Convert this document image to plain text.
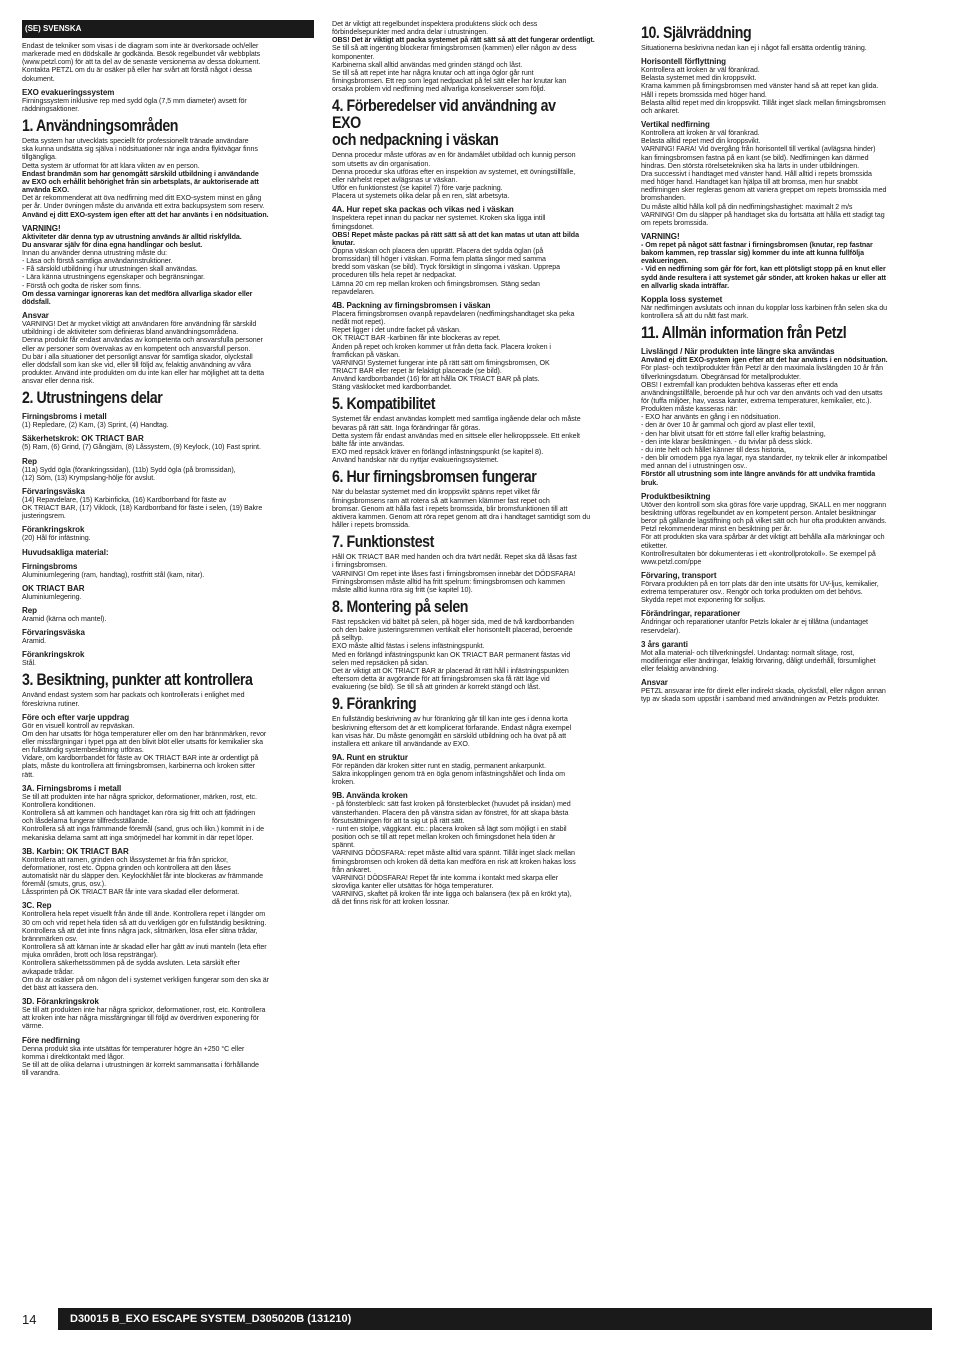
(SE) SVENSKA

Endast de tekniker som visas i de diagram som inte är överkorsade och/eller
markerade med en dödskalle är godkända. Besök regelbundet vår webbplats
(www.petzl.com) för att ta del av de senaste versionerna av dessa dokument.
Kontakta PETZL om du är osäker på eller har svårt att förstå något i dessa
dokument.

EXO evakueringssystem

Firningssystem inklusive rep med sydd ögla (7,5 mm diameter) avsett för
räddningsaktioner.

1. Användningsområden

Detta system har utvecklats speciellt för professionellt tränade användare
ska kunna undsätta sig själva i nödsituationer när inga andra flyktvägar finns
tillgängliga.
Detta system är utformat för att klara vikten av en person.

Endast brandmän som har genomgått särskild utbildning i användande
av EXO och erhållit behörighet från sin arbetsplats, är auktoriserade att
använda EXO.

Det är rekommenderat att öva nedfirning med ditt EXO-system minst en gång
per år. Under övningen måste du använda ett extra backupsystem som reserv.

Använd ej ditt EXO-system igen efter att det har använts i en nödsituation.

VARNING!

Aktiviteter där denna typ av utrustning används är alltid riskfyllda.
Du ansvarar själv för dina egna handlingar och beslut.

Innan du använder denna utrustning måste du:
- Läsa och förstå samtliga användarinstruktioner.
- Få särskild utbildning i hur utrustningen skall användas.
- Lära känna utrustningens egenskaper och begränsningar.
- Förstå och godta de risker som finns.

Om dessa varningar ignoreras kan det medföra allvarliga skador eller
dödsfall.

Ansvar

VARNING! Det är mycket viktigt att användaren före användning får särskild
utbildning i de aktiviteter som definieras bland användningsområdena.
Denna produkt får endast användas av kompetenta och ansvarsfulla personer
eller av personer som övervakas av en kompetent och ansvarsfull person.
Du bär i alla situationer det personligt ansvar för samtliga skador, olyckstall
eller dödsfall som kan ske vid, eller till följd av, felaktig användning av våra
produkter. Använd inte produkten om du inte kan eller har möjlighet att ta detta
ansvar eller denna risk.

2. Utrustningens delar

Firningsbroms i metall

(1) Repledare, (2) Kam, (3) Sprint, (4) Handtag.

Säkerhetskrok: OK TRIACT BAR

(5) Ram, (6) Grind, (7) Gångjärn, (8) Låssystem, (9) Keylock, (10) Fast sprint.

Rep

(11a) Sydd ögla (förankringssidan), (11b) Sydd ögla (på bromssidan),
(12) Söm, (13) Krympslang-hölje för avslut.

Förvaringsväska

(14) Repavdelare, (15) Karbinficka, (16) Kardborrband för fäste av
OK TRIACT BAR, (17) Viklock, (18) Kardborrband för fäste i selen, (19) Bakre
justeringsrem.

Förankringskrok

(20) Hål för infästning.

Huvudsakliga material:

Firningsbroms

Aluminiumlegering (ram, handtag), rostfritt stål (kam, nitar).

OK TRIACT BAR

Aluminiumlegering.

Rep

Aramid (kärna och mantel).

Förvaringsväska

Aramid.

Förankringskrok

Stål.

3. Besiktning, punkter att kontrollera

Använd endast system som har packats och kontrollerats i enlighet med
föreskrivna rutiner.

Före och efter varje uppdrag

Gör en visuell kontroll av repväskan.
Om den har utsatts för höga temperaturer eller om den har brännmärken, revor
eller missfärgningar i typet pga att den blivit blöt eller utsatts för kemikalier ska
en fullständig systembesiktning utföras.
Vidare, om kardborrbandet för fäste av OK TRIACT BAR inte är ordentligt på
plats, måste du kontrollera att firningsbromsen, karbinerna och kroken sitter
rätt.

3A. Firningsbroms i metall

Se till att produkten inte har några sprickor, deformationer, märken, rost, etc.
Kontrollera konditionen.
Kontrollera så att kammen och handtaget kan röra sig fritt och att fjädringen
och låsdelarna fungerar tillfredsställande.
Kontrollera så att inga främmande föremål (sand, grus och likn.) kommit in i de
mekaniska delarna samt att inga smörjmedel har kommit in där repet löper.

3B. Karbin: OK TRIACT BAR

Kontrollera att ramen, grinden och låssystemet är fria från sprickor,
deformationer, rost etc. Öppna grinden och kontrollera att den låses
automatiskt när du släpper den. Keylockhålet får inte blockeras av främmande
föremål (smuts, grus, osv.).
Låssprinten på OK TRIACT BAR får inte vara skadad eller deformerat.

3C. Rep

Kontrollera hela repet visuellt från ände till ände. Kontrollera repet i längder om
30 cm och vrid repet hela tiden så att du verkligen gör en fullständig besiktning.
Kontrollera så att det inte finns några jack, slitmärken, lösa eller slitna trådar,
brännmärken osv.
Kontrollera så att kärnan inte är skadad eller har gått av inuti manteln (leta efter
mjuka områden, brott och lösa repsträngar).
Kontrollera säkerhetssömmen på de sydda avsluten. Leta särskilt efter
avkapade trådar.
Om du är osäker på om någon del i systemet verkligen fungerar som den ska är
det bäst att kassera den.

3D. Förankringskrok

Se till att produkten inte har några sprickor, deformationer, rost, etc. Kontrollera
att kroken inte har några missfärgningar till följd av överdriven exponering för
värme.

Före nedfirning

Denna produkt ska inte utsättas för temperaturer högre än +250 °C eller
komma i direktkontakt med lågor.
Se till att de olika delarna i utrustningen är korrekt sammansatta i förhållande
till varandra.

Det är viktigt att regelbundet inspektera produktens skick och dess
förbindelsepunkter med andra delar i utrustningen.

OBS! Det är viktigt att packa systemet på rätt sätt så att det fungerar ordentligt.

Se till så att ingenting blockerar firningsbromsen (kammen) eller någon av dess
komponenter.
Karbinerna skall alltid användas med grinden stängd och låst.
Se till så att repet inte har några knutar och att inga öglor går runt
firningsbromsen. Ett rep som legat nedpackat på fel sätt eller har knutar kan
orsaka problem vid nedfirning med allvarliga konsekvenser som följd.

4. Förberedelser vid användning av EXO
och nedpackning i väskan

Denna procedur måste utföras av en för ändamålet utbildad och kunnig person
som utsetts av din organisation.
Denna procedur ska utföras efter en inspektion av systemet, ett övningstillfälle,
eller närhelst repet avlägsnas ur väskan.
Utför en funktionstest (se kapitel 7) före varje packning.
Placera ut systemets olika delar på en ren, slät arbetsyta.

4A. Hur repet ska packas och vikas ned i väskan

Inspektera repet innan du packar ner systemet. Kroken ska ligga intill
firningsdonet.

OBS! Repet måste packas på rätt sätt så att det kan matas ut utan att bilda
knutar.

Öppna väskan och placera den upprätt. Placera det sydda öglan (på
bromssidan) till höger i väskan. Forma fem platta slingor med samma
bredd som väskan (se bild). Tryck försiktigt in slingorna i väskan. Upprepa
proceduren tills hela repet är nedpackat.
Lämna 20 cm rep mellan kroken och firningsbromsen. Stäng sedan
repavdelaren.

4B. Packning av firningsbromsen i väskan

Placera firningsbromsen ovanpå repavdelaren (nedfirningshandtaget ska peka
nedåt mot repet).
Repet ligger i det undre facket på väskan.
OK TRIACT BAR -karbinen får inte blockeras av repet.
Änden på repet och kroken kommer ut från detta fack. Placera kroken i
framfickan på väskan.
VARNING! Systemet fungerar inte på rätt sätt om firningsbromsen, OK
TRIACT BAR eller repet är felaktigt placerade (se bild).
Använd kardborrbandet (16) för att hålla OK TRIACT BAR på plats.
Stäng väsklocket med kardborrbandet.

5. Kompatibilitet

Systemet får endast användas komplett med samtliga ingående delar och måste
bevaras på rätt sätt. Inga förändringar får göras.
Detta system får endast användas med en sittsele eller helkroppssele. Ett enkelt
bälte får inte användas.
EXO med repsäck kräver en förlängd infästningspunkt (se kapitel 8).
Använd handskar när du nyttjar evakueringssystemet.

6. Hur firningsbromsen fungerar

När du belastar systemet med din kroppsvikt spänns repet vilket får
firningsbromsens ram att rotera så att kammen klämmer fast repet och
bromsar. Genom att hålla fast i repets bromssida, blir bromsfunktionen till att
aktivera kammen. Genom att röra repet genom att dra i handtaget samtidigt som du
håller i repets bromssida.

7. Funktionstest

Håll OK TRIACT BAR med handen och dra tvärt nedåt. Repet ska då låsas fast
i firningsbromsen.
VARNING! Om repet inte låses fast i firningsbromsen innebär det DÖDSFARA!
Firningsbromsen måste alltid ha fritt spelrum: firningsbromsen och kammen
måste alltid kunna röra sig fritt (se kapitel 10).

8. Montering på selen

Fäst repsäcken vid bältet på selen, på höger sida, med de två kardborrbanden
och den bakre justeringsremmen vertikalt eller horisontellt placerad, beroende
på selltyp.
EXO måste alltid fästas i selens infästningspunkt.
Med en förlängd infästningspunkt kan OK TRIACT BAR permanent fästas vid
selen med repsäcken på sidan.
Det är viktigt att OK TRIACT BAR är placerad åt rätt håll i infästningspunkten
eftersom detta är avgörande för att firningsbromsen ska få rätt läge vid
evakuering (se bild). Se till så att grinden är korrekt stängd och låst.

9. Förankring

En fullständig beskrivning av hur förankring går till kan inte ges i denna korta
beskrivning eftersom det är ett komplicerat förfarande. Endast några exempel
kan visas här. Du måste genomgått en särskild utbildning och ha övat på att
installera ett ankare till användande av EXO.

9A. Runt en struktur

För repänden där kroken sitter runt en stadig, permanent ankarpunkt.
Säkra inkopplingen genom trä en ögla genom infästningshålet och linda om
kroken.

9B. Använda kroken

- på fönsterbleck: sätt fast kroken på fönsterblecket (huvudet på insidan) med
vänsterhanden. Placera den på vänstra sidan av fönstret, för att skapa bästa
försutsättningen för att ta sig ut på rätt sätt.
- runt en stolpe, väggkant. etc.: placera kroken så lägt som möjligt i en stabil
position och se till att repet mellan kroken och firningsdonet hela tiden är
spännt.
VARNING DÖDSFARA: repet måste alltid vara spännt. Tillåt inget slack mellan
firningsbromsen och kroken då detta kan medföra en risk att kroken hakas loss
från ankaret.
VARNING! DÖDSFARA! Repet får inte komma i kontakt med skarpa eller
skrovliga kanter eller utsättas för höga temperaturer.
VARNING, skaftet på kroken får inte ligga och balansera (tex på en krökt yta),
då det finns risk för att kroken lossnar.

10. Självräddning

Situationerna beskrivna nedan kan ej i något fall ersätta ordentlig träning.

Horisontell förflyttning

Kontrollera att kroken är väl förankrad.
Belasta systemet med din kroppsvikt.
Krama kammen på firningsbromsen med vänster hand så att repet kan glida.
Håll i repets bromssida med höger hand.
Belasta alltid repet med din kroppsvikt. Tillåt inget slack mellan firningsbromsen
och ankaret.

Vertikal nedfirning

Kontrollera att kroken är väl förankrad.
Belasta alltid repet med din kroppsvikt.
VARNING! FARA! Vid övergång från horisontell till vertikal (avlägsna hinder)
kan firningsbromsen fastna på en kant (se bild). Nedfirningen kan därmed
hindras. Den största rörelsetekniken ska ha lärts in under utbildningen.
Dra successivt i handtaget med vänster hand. Håll alltid i repets bromssida
med höger hand. Handtaget kan hjälpa till att bromsa, men hur snabbt
nedfirningen sker regleras genom att variera greppet om repets bromssida med
bromshanden.
Du måste alltid hålla koll på din nedfirningshastighet: maximalt 2 m/s
VARNING! Om du släpper på handtaget ska du fortsätta att hålla ett stadigt tag
om repets bromssida.

VARNING!

- Om repet på något sätt fastnar i firningsbromsen (knutar, rep fastnar
bakom kammen, rep trasslar sig) kommer du inte att kunna fullfölja
evakueringen.
- Vid en nedfirning som går för fort, kan ett plötsligt stopp på en knut eller
sydd ände resultera i att systemet går sönder, att kroken hakas ur eller att
en allvarlig skada inträffar.

Koppla loss systemet

När nedfirningen avslutats och innan du kopplar loss karbinen från selen ska du
kontrollera så att du nått fast mark.

11. Allmän information från Petzl

Livslängd / När produkten inte längre ska användas

Använd ej ditt EXO-system igen efter att det har använts i en nödsituation.

För plast- och textilprodukter från Petzl är den maximala livslängden 10 år från
tillverkningsdatum. Obegränsad för metallprodukter.
OBS! I extremfall kan produkten behöva kasseras efter ett enda
användningstillfälle, beroende på hur och var den använts och vad den utsatts
för (tuffa miljöer, hav, vassa kanter, extrema temperaturer, kemikalier, etc.).
Produkten måste kasseras när:
- EXO har använts en gång i en nödsituation.
- den är över 10 år gammal och gjord av plast eller textil,
- den har blivit utsatt för ett större fall eller kraftig belastning,
- den inte klarar besiktningen. - du tvivlar på dess skick.
- du inte helt och hållet känner till dess historia,
- den blir omodern pga nya lagar, nya standarder, ny teknik eller är inkompatibel
med annan del i utrustningen osv..

Förstör all utrustning som inte längre används för att undvika framtida
bruk.

Produktbesiktning

Utöver den kontroll som ska göras före varje uppdrag, SKALL en mer noggrann
besiktning utföras regelbundet av en kompetent person. Antalet besiktningar
beror på gällande lagstiftning och på vilket sätt och hur ofta produkten används.
Petzl rekommenderar minst en besiktning per år.
För att produkten ska vara spårbar är det viktigt att behålla alla märkningar och
etiketter.
Kontrollresultaten bör dokumenteras i ett «kontrollprotokoll». Se exempel på
www.petzl.com/ppe

Förvaring, transport

Förvara produkten på en torr plats där den inte utsätts för UV-ljus, kemikalier,
extrema temperaturer osv.. Rengör och torka produkten om det behövs.
Skydda repet mot exponering för solljus.

Förändringar, reparationer

Ändringar och reparationer utanför Petzls lokaler är ej tillåtna (undantaget
reservdelar).

3 års garanti

Mot alla material- och tillverkningsfel. Undantag: normalt slitage, rost,
modifieringar eller ändringar, felaktig förvaring, dåligt underhåll, försumlighet
eller felaktig användning.

Ansvar

PETZL ansvarar inte för direkt eller indirekt skada, olycksfall, eller någon annan
typ av skada som uppstår i samband med användningen av Petzls produkter.

14	D30015 B_EXO ESCAPE SYSTEM_D305020B (131210)
